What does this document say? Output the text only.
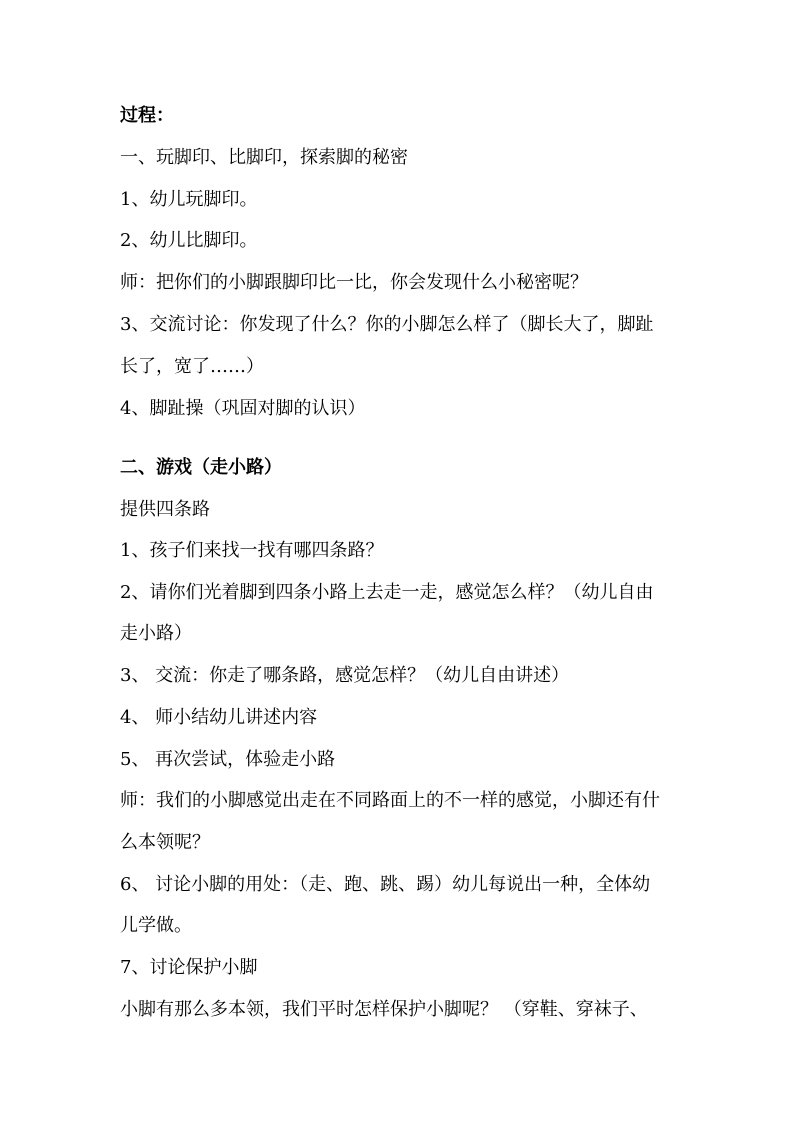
过程：
一、玩脚印、比脚印，探索脚的秘密
1、幼儿玩脚印。
2、幼儿比脚印。
师：把你们的小脚跟脚印比一比，你会发现什么小秘密呢？
3、交流讨论：你发现了什么？你的小脚怎么样了（脚长大了，脚趾
长了，宽了……）
4、脚趾操（巩固对脚的认识）
二、游戏（走小路）
提供四条路
1、孩子们来找一找有哪四条路？
2、请你们光着脚到四条小路上去走一走，感觉怎么样？（幼儿自由
走小路）
3、 交流：你走了哪条路，感觉怎样？（幼儿自由讲述）
4、 师小结幼儿讲述内容
5、 再次尝试，体验走小路
师：我们的小脚感觉出走在不同路面上的不一样的感觉，小脚还有什
么本领呢？
6、 讨论小脚的用处：（走、跑、跳、踢）幼儿每说出一种，全体幼
儿学做。
7、讨论保护小脚
小脚有那么多本领，我们平时怎样保护小脚呢？ （穿鞋、穿袜子、
